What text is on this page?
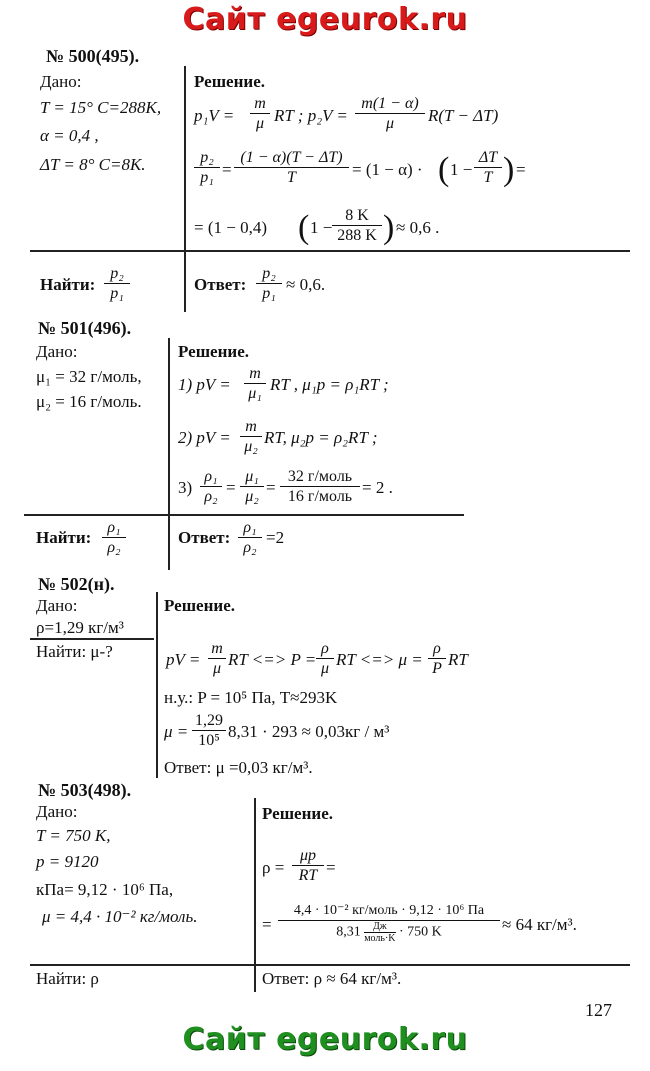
Сайт egeurok.ru
Сайт egeurok.ru
№ 500(495).
Дано:
T = 15° C=288K,
α = 0,4 ,
ΔT = 8° C=8K.
Решение.
$p_1V = \frac{m}{\mu}$ RT ; $p_2V = \frac{m(1 - \alpha)}{\mu} R(T - \Delta T)$
$\frac{\text{p₂}}{\text{p₁}} = \frac{(1 - \alpha)(T - \Delta T)}{T} = (1 - \alpha)$ · ( $1 - \frac{\Delta T}{T}$ ) =
= (1 − 0,4) ( $1 - \frac{8 K}{288 K}$ ) ≈ 0,6 .
Найти: $\frac{\text{p₂}}{\text{p₁}}$	Ответ: $\frac{\text{p₂}}{\text{p₁}} \approx 0,6$.
№ 501(496).
Дано:
μ₁ = 32 г/моль,
μ₂ = 16 г/моль.
Решение.
1) pV = $\frac{m}{\text{μ₁}}$ RT , μ₁p = ρ₁RT ;
2) pV = $\frac{m}{\text{μ₂}}$ RT, μ₂p = ρ₂RT ;
$3) \frac{\text{ρ₁}}{\text{ρ₂}} = \frac{\text{μ₁}}{\text{μ₂}}$ =
32 г/моль
16 г/моль = 2 .
Найти: $\frac{\text{ρ₁}}{\text{ρ₂}}$	Ответ: $\frac{\text{ρ₁}}{\text{ρ₂}} =2$
№ 502(н).
Дано:
ρ=1,29 кг/м³
Найти: μ-?
Решение.
pV = $\frac{m}{\mu}$ RT <=> $P = \frac{\rho}{\mu}$ RT <=> $\mu = \frac{\rho}{P}$ RT
н.у.: P = 10⁵ Па, T≈293K
$\mu = \frac{1,29}{\text{10⁵}} 8,31 \cdot 293 \approx 0,03кг / м^3$
Ответ: μ =0,03 кг/м³.
№ 503(498).
Дано:
T = 750 K,
p = 9120
кПа= 9,12 · 10⁶ Па,
μ = 4,4 · 10⁻² кг/моль.
Решение.
$\rho = \frac{\mu p}{RT}$ =
=
4,4 · 10⁻² кг/моль · 9,12 · 10⁶ Па
8,31	Дж
моль·K · 750 K	≈ 64 кг/м³.
Найти: ρ	Ответ: ρ ≈ 64 кг/м³.
127
